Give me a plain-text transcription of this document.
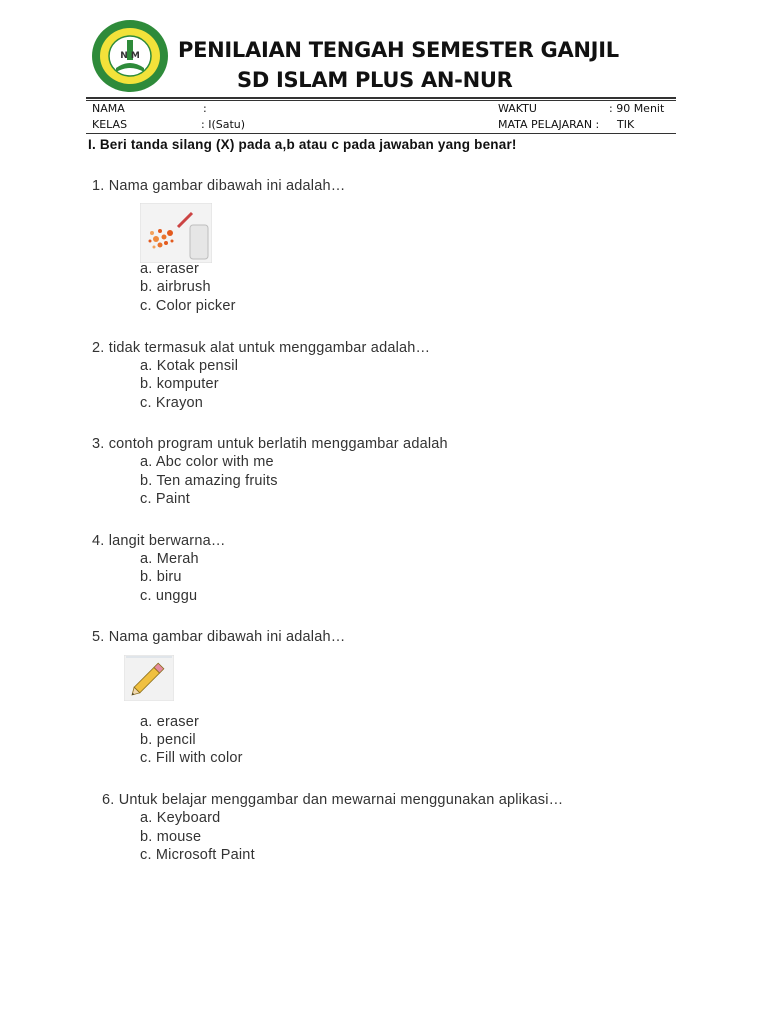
N M PENILAIAN TENGAH SEMESTER GANJIL
SD ISLAM PLUS AN-NUR
NAMA	:	WAKTU	: 90 Menit
KELAS	: I(Satu)	MATA PELAJARAN : TIK
I. Beri tanda silang (X) pada a,b atau c pada jawaban yang benar!
1. Nama gambar dibawah ini adalah…
a. eraser
b. airbrush
c. Color picker
2. tidak termasuk alat untuk menggambar adalah…
a. Kotak pensil
b. komputer
c. Krayon
3. contoh program untuk berlatih menggambar adalah
a. Abc color with me
b. Ten amazing fruits
c. Paint
4. langit berwarna…
a. Merah
b. biru
c. unggu
5. Nama gambar dibawah ini adalah…
a. eraser
b. pencil
c. Fill with color
6. Untuk belajar menggambar dan mewarnai menggunakan aplikasi…
a. Keyboard
b. mouse
c. Microsoft Paint
